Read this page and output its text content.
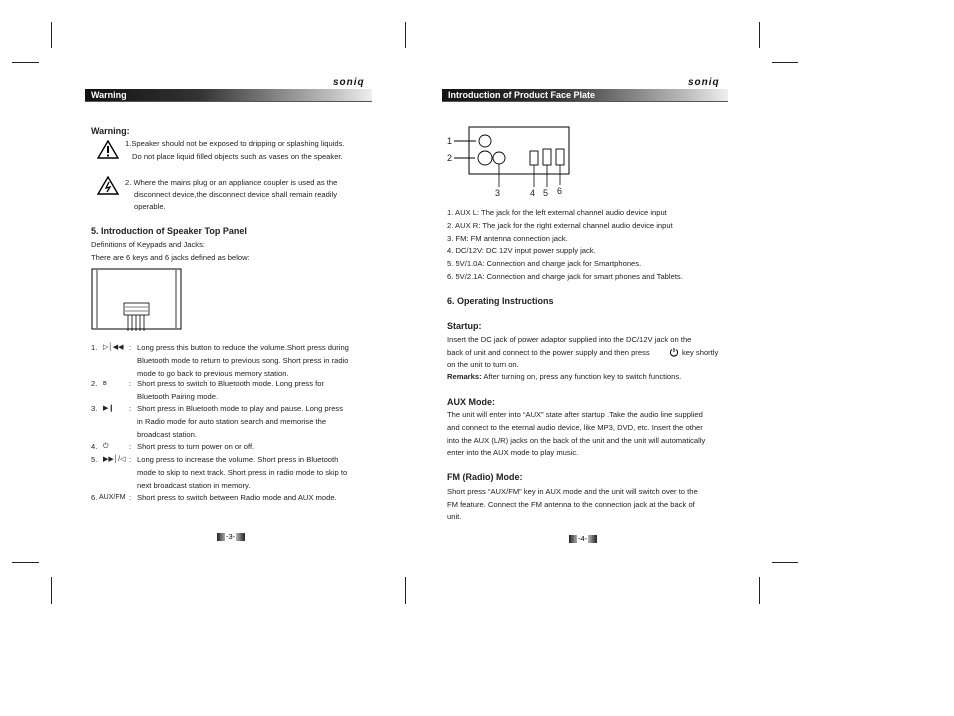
soniq
Warning
Warning:
1.Speaker should not be exposed to dripping or splashing liquids.
Do not place liquid filled objects such as vases on the speaker.
2. Where the mains plug or an appliance coupler is used as the
disconnect device,the disconnect device shall remain readily
operable.
5. Introduction of Speaker Top Panel
Definitions of Keypads and Jacks:
There are 6 keys and 6 jacks defined as below:
1. ▷│◀◀ : Long press this button to reduce the volume.Short press during
Bluetooth mode to return to previous song. Short press in radio
mode to go back to previous memory station.
2. ʙ	: Short press to switch to Bluetooth mode. Long press for
Bluetooth Pairing mode.
3. ▶❙ : Short press in Bluetooth mode to play and pause. Long press
in Radio mode for auto station search and memorise the
broadcast station.
4. ⏻	: Short press to turn power on or off.
5. ▶▶│/◁ : Long press to increase the volume. Short press in Bluetooth
mode to skip to next track. Short press in radio mode to skip to
next broadcast station in memory.
6. AUX/FM : Short press to switch between Radio mode and AUX mode.
-3-
soniq
Introduction of Product Face Plate
1
2
3	4 5 6
1. AUX L: The jack for the left external channel audio device input
2. AUX R: The jack for the right external channel audio device input
3. FM: FM antenna connection jack.
4. DC/12V: DC 12V input power supply jack.
5. 5V/1.0A: Connection and charge jack for Smartphones.
6. 5V/2.1A: Connection and charge jack for smart phones and Tablets.
6. Operating Instructions
Startup:
Insert the DC jack of power adaptor supplied into the DC/12V jack on the
back of unit and connect to the power supply and then press	key shortly
on the unit to turn on.
Remarks: After turning on, press any function key to switch functions.
AUX Mode:
The unit will enter into “AUX” state after startup .Take the audio line supplied
and connect to the eternal audio device, like MP3, DVD, etc. Insert the other
into the AUX (L/R) jacks on the back of the unit and the unit will automatically
enter into the AUX mode to play music.
FM (Radio) Mode:
Short press “AUX/FM” key in AUX mode and the unit will switch over to the
FM feature. Connect the FM antenna to the connection jack at the back of
unit.
-4-
